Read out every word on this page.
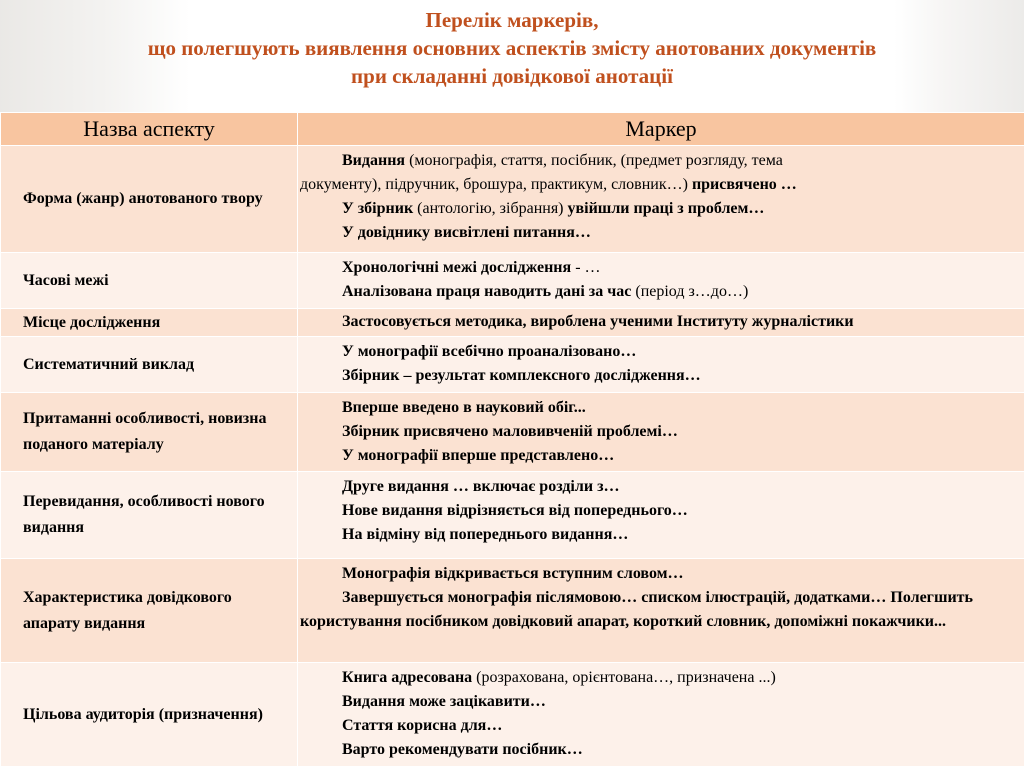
Перелік маркерів,
що полегшують виявлення основних аспектів змісту анотованих документів
при складанні довідкової анотації
Назва аспекту	Маркер
Форма (жанр) анотованого твору	Видання (монографія, стаття, посібник, (предмет розгляду, тема
документу), підручник, брошура, практикум, словник…) присвячено …
У збірник (антологію, зібрання) увійшли праці з проблем…
У довіднику висвітлені питання…

Часові межі	Хронологічні межі дослідження - …
Аналізована праця наводить дані за час (період з…до…)

Місце дослідження	Застосовується методика, вироблена ученими Інституту журналістики

Систематичний виклад	У монографії всебічно проаналізовано…
Збірник – результат комплексного дослідження…

Притаманні особливості, новизна поданого матеріалу	Вперше введено в науковий обіг...
Збірник присвячено маловивченій проблемі…
У монографії вперше представлено…

Перевидання, особливості нового видання	Друге видання … включає розділи з…
Нове видання відрізняється від попереднього…
На відміну від попереднього видання…

Характеристика довідкового апарату видання	Монографія відкривається вступним словом…
Завершується монографія післямовою… списком ілюстрацій, додатками… Полегшить користування посібником довідковий апарат, короткий словник, допоміжні покажчики...

Цільова аудиторія (призначення)	Книга адресована (розрахована, орієнтована…, призначена ...)
Видання може зацікавити…
Стаття корисна для…
Варто рекомендувати посібник…
